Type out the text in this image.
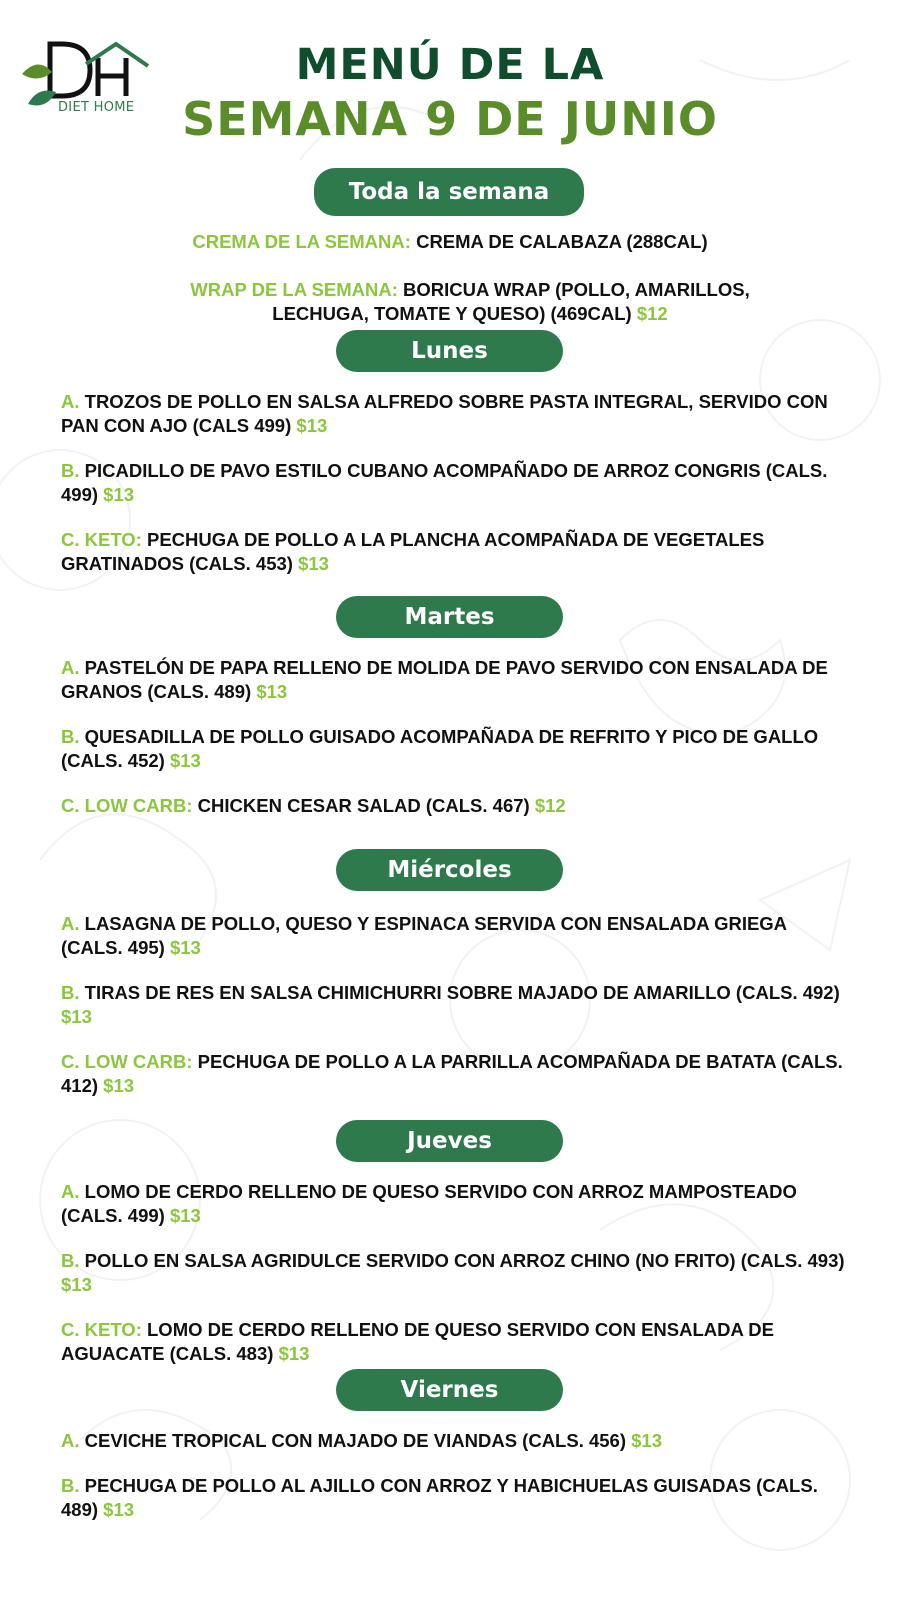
DIET HOME
MENÚ DE LA
SEMANA 9 DE JUNIO
Toda la semana
CREMA DE LA SEMANA: CREMA DE CALABAZA (288CAL)
WRAP DE LA SEMANA: BORICUA WRAP (POLLO, AMARILLOS, LECHUGA, TOMATE Y QUESO) (469CAL) $12
Lunes
A. TROZOS DE POLLO EN SALSA ALFREDO SOBRE PASTA INTEGRAL, SERVIDO CON PAN CON AJO (CALS 499) $13
B. PICADILLO DE PAVO ESTILO CUBANO ACOMPAÑADO DE ARROZ CONGRIS (CALS. 499) $13
C. KETO: PECHUGA DE POLLO A LA PLANCHA ACOMPAÑADA DE VEGETALES GRATINADOS (CALS. 453) $13
Martes
A. PASTELÓN DE PAPA RELLENO DE MOLIDA DE PAVO SERVIDO CON ENSALADA DE GRANOS (CALS. 489) $13
B. QUESADILLA DE POLLO GUISADO ACOMPAÑADA DE REFRITO Y PICO DE GALLO (CALS. 452) $13
C. LOW CARB: CHICKEN CESAR SALAD (CALS. 467) $12
Miércoles
A. LASAGNA DE POLLO, QUESO Y ESPINACA SERVIDA CON ENSALADA GRIEGA (CALS. 495) $13
B. TIRAS DE RES EN SALSA CHIMICHURRI SOBRE MAJADO DE AMARILLO (CALS. 492) $13
C. LOW CARB: PECHUGA DE POLLO A LA PARRILLA ACOMPAÑADA DE BATATA (CALS. 412) $13
Jueves
A. LOMO DE CERDO RELLENO DE QUESO SERVIDO CON ARROZ MAMPOSTEADO (CALS. 499) $13
B. POLLO EN SALSA AGRIDULCE SERVIDO CON ARROZ CHINO (NO FRITO) (CALS. 493) $13
C. KETO: LOMO DE CERDO RELLENO DE QUESO SERVIDO CON ENSALADA DE AGUACATE (CALS. 483) $13
Viernes
A. CEVICHE TROPICAL CON MAJADO DE VIANDAS (CALS. 456) $13
B. PECHUGA DE POLLO AL AJILLO CON ARROZ Y HABICHUELAS GUISADAS (CALS. 489) $13
